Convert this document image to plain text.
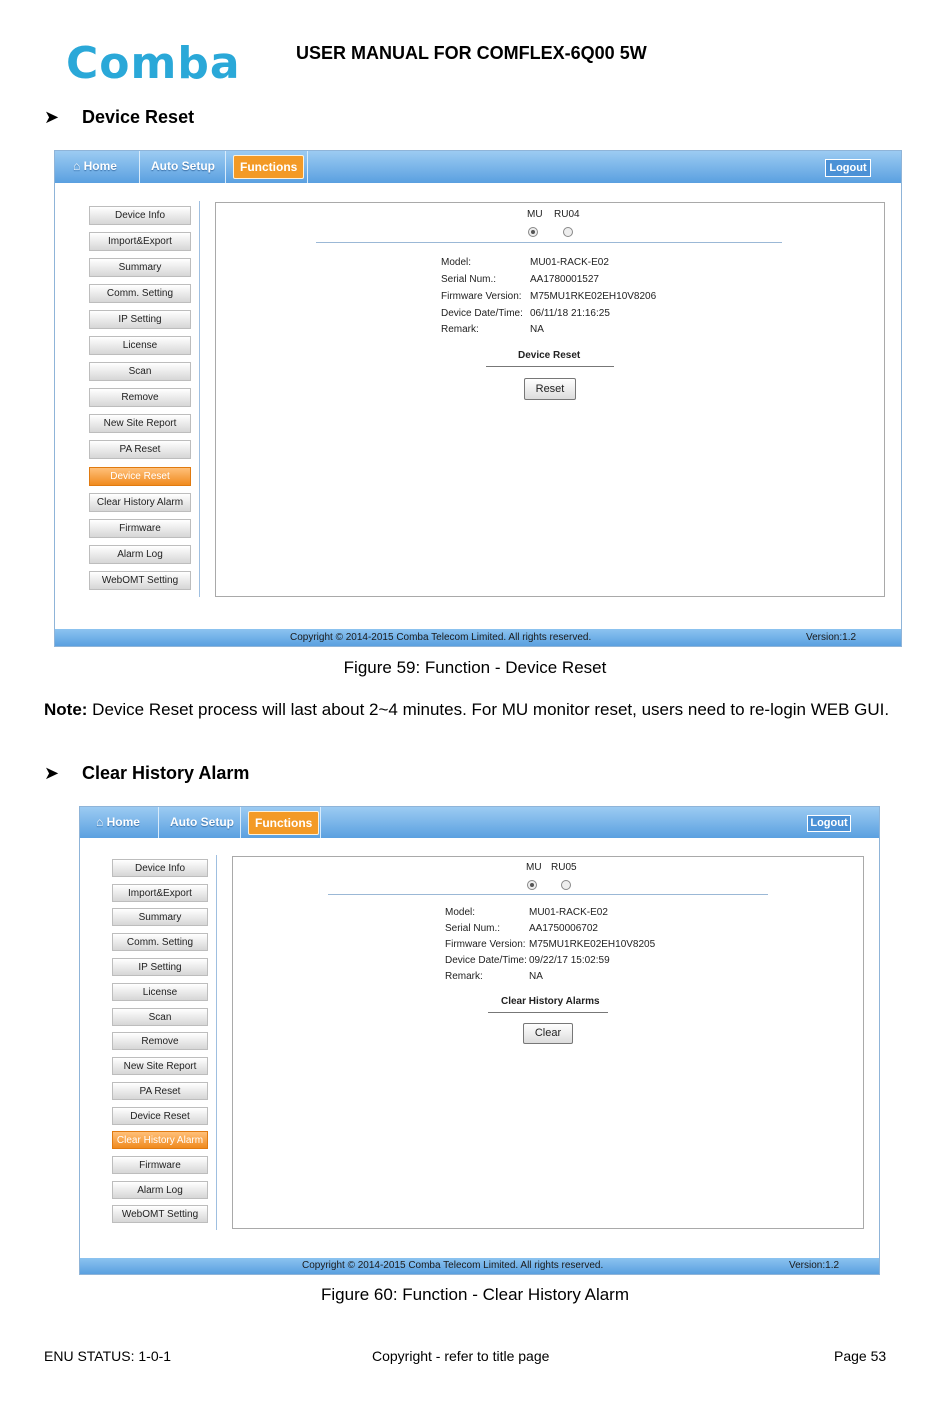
Comba	USER MANUAL FOR COMFLEX-6Q00 5W
➤ Device Reset
⌂ Home	Auto Setup	Functions	Logout
Device Info
Import&Export
Summary
Comm. Setting
IP Setting
License
Scan
Remove
New Site Report
PA Reset
Device Reset
Clear History Alarm
Firmware
Alarm Log
WebOMT Setting
MU RU04
Model:	MU01-RACK-E02
Serial Num.:	AA1780001527
Firmware Version: M75MU1RKE02EH10V8206
Device Date/Time: 06/11/18 21:16:25
Remark:	NA
Device Reset
Reset
Copyright © 2014-2015 Comba Telecom Limited. All rights reserved.	Version:1.2
Figure 59: Function - Device Reset
Note: Device Reset process will last about 2~4 minutes. For MU monitor reset, users need to re-login WEB GUI.
➤ Clear History Alarm
⌂ Home	Auto Setup	Functions	Logout
Device Info
Import&Export
Summary
Comm. Setting
IP Setting
License
Scan
Remove
New Site Report
PA Reset
Device Reset
Clear History Alarm
Firmware
Alarm Log
WebOMT Setting
MU RU05
Model:	MU01-RACK-E02
Serial Num.:	AA1750006702
Firmware Version: M75MU1RKE02EH10V8205
Device Date/Time: 09/22/17 15:02:59
Remark:	NA
Clear History Alarms
Clear
Copyright © 2014-2015 Comba Telecom Limited. All rights reserved.	Version:1.2
Figure 60: Function - Clear History Alarm
ENU STATUS: 1-0-1	Copyright - refer to title page	Page 53
